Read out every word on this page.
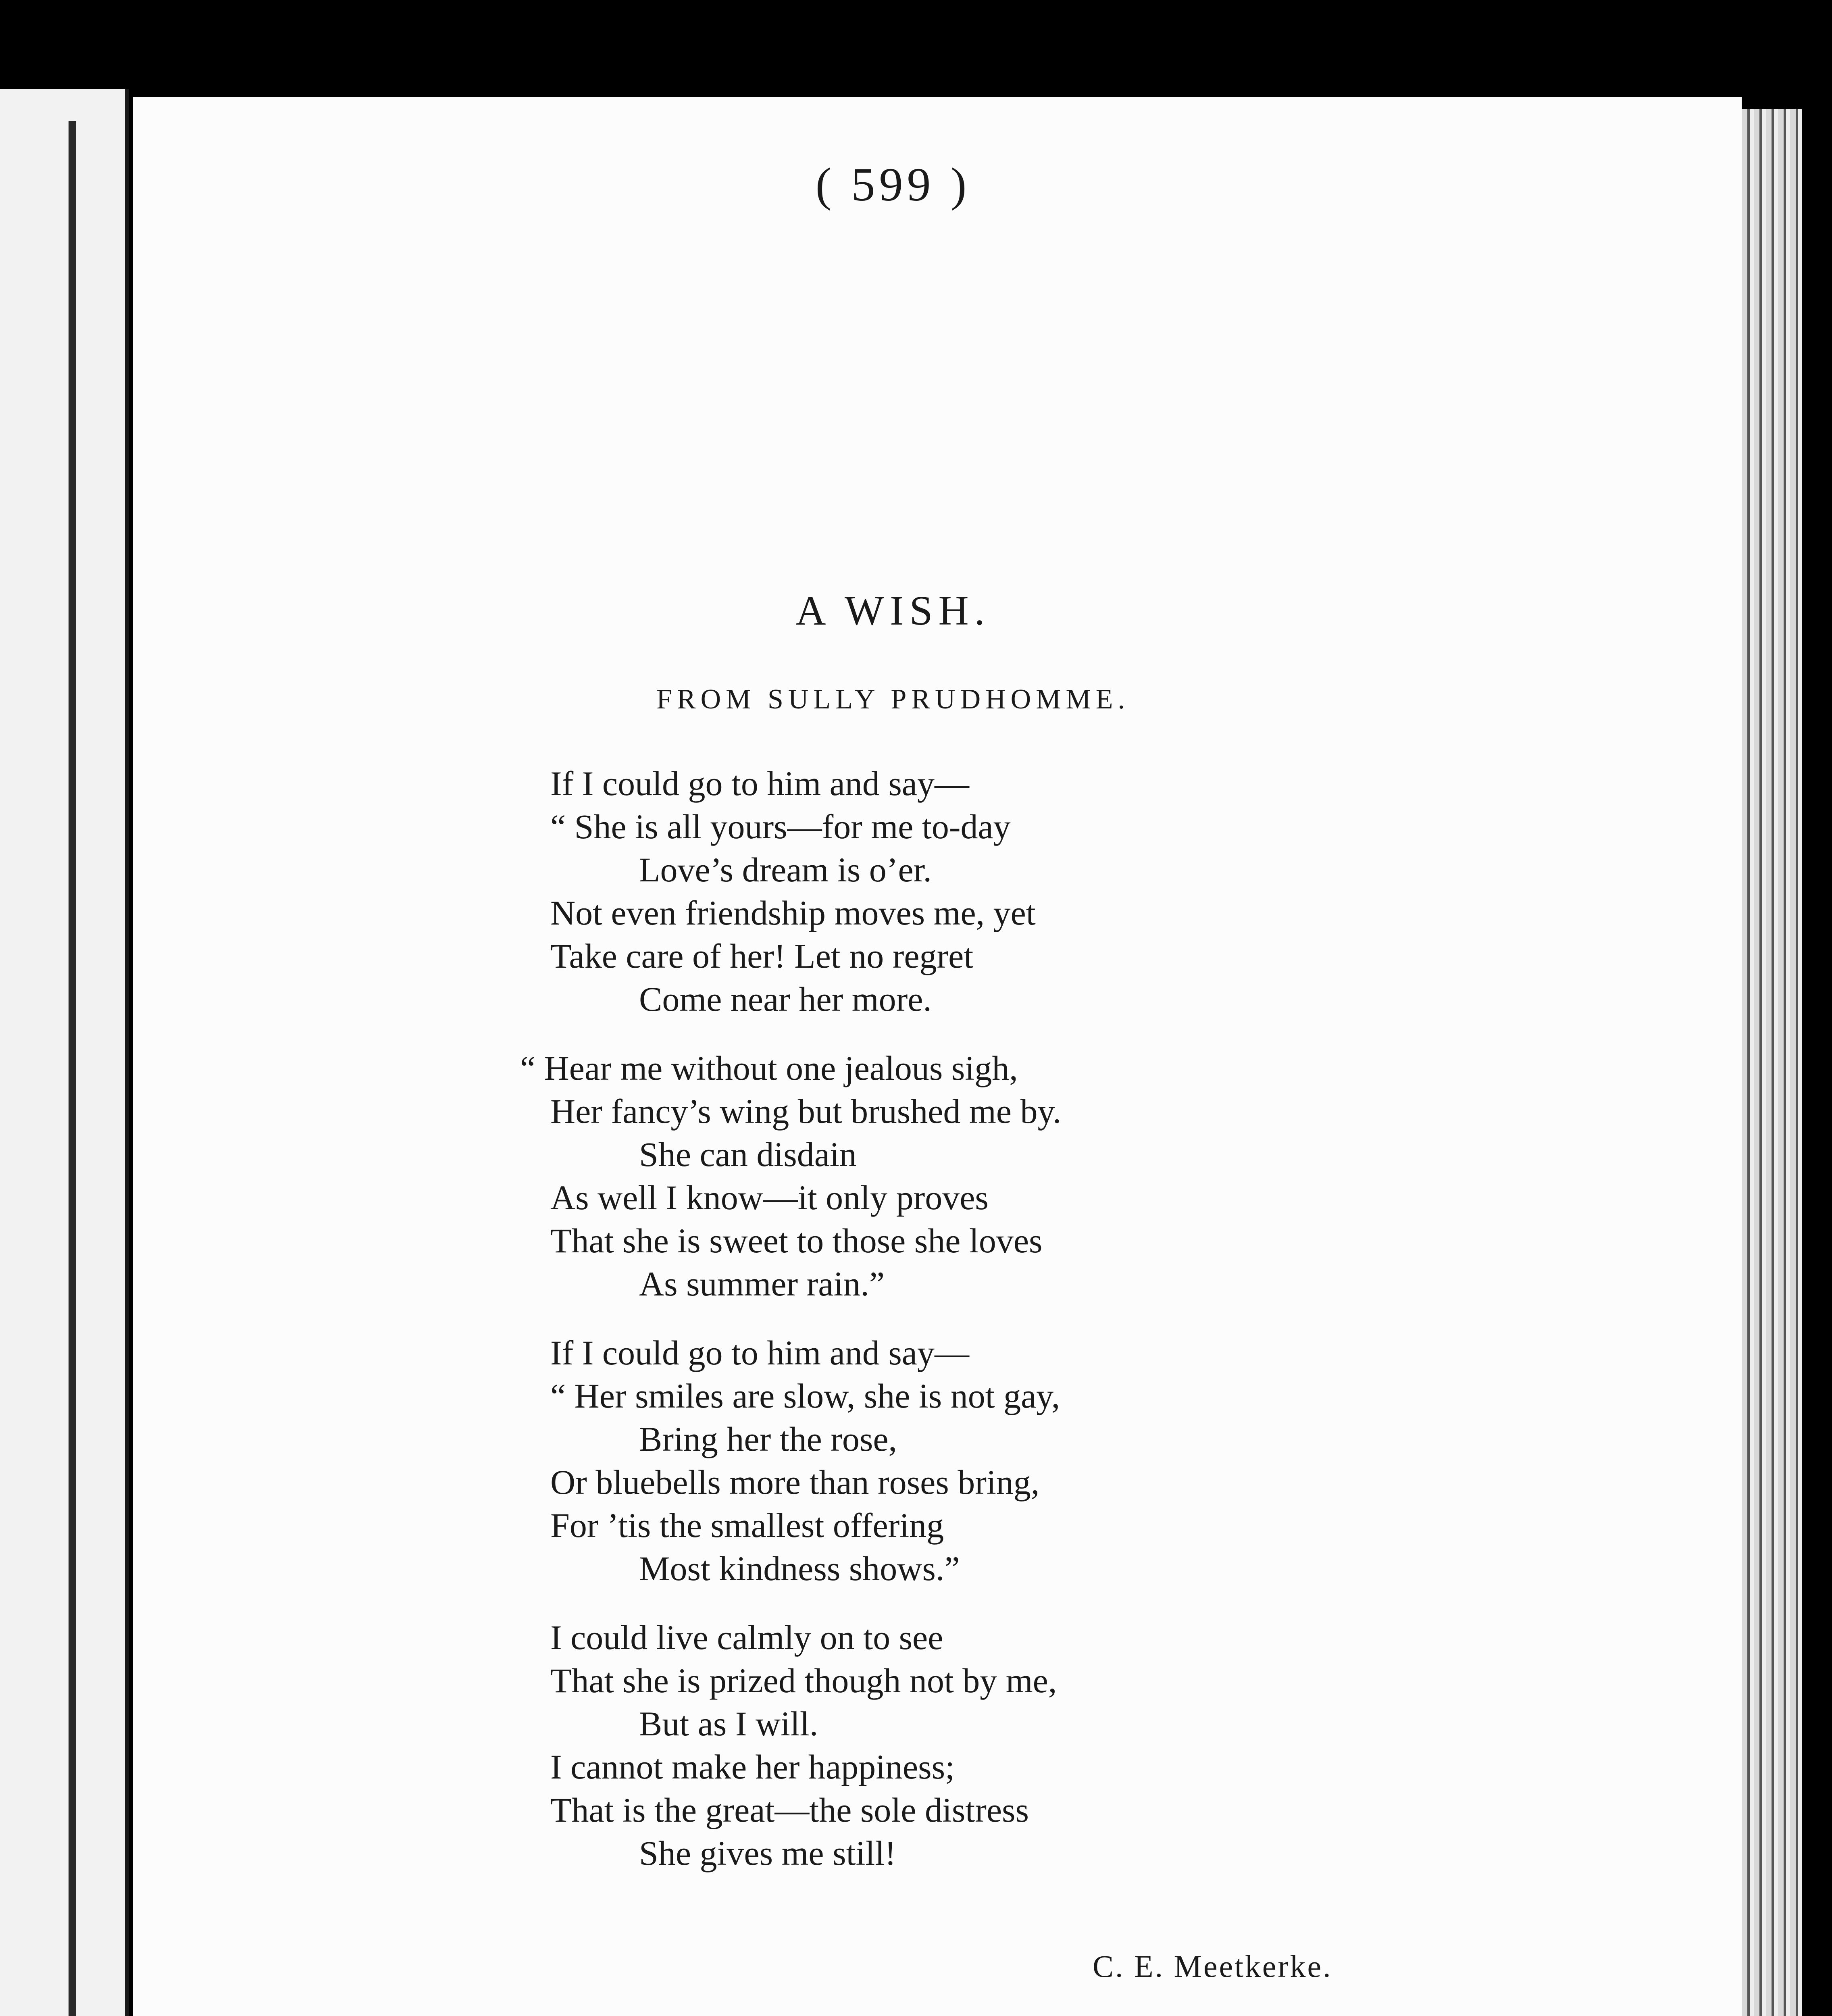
( 599 )
A WISH.
FROM SULLY PRUDHOMME.
If I could go to him and say—
“ She is all yours—for me to-day
Love’s dream is o’er.
Not even friendship moves me, yet
Take care of her! Let no regret
Come near her more.
“ Hear me without one jealous sigh,
Her fancy’s wing but brushed me by.
She can disdain
As well I know—it only proves
That she is sweet to those she loves
As summer rain.”
If I could go to him and say—
“ Her smiles are slow, she is not gay,
Bring her the rose,
Or bluebells more than roses bring,
For ’tis the smallest offering
Most kindness shows.”
I could live calmly on to see
That she is prized though not by me,
But as I will.
I cannot make her happiness;
That is the great—the sole distress
She gives me still!
C. E. Meetkerke.
